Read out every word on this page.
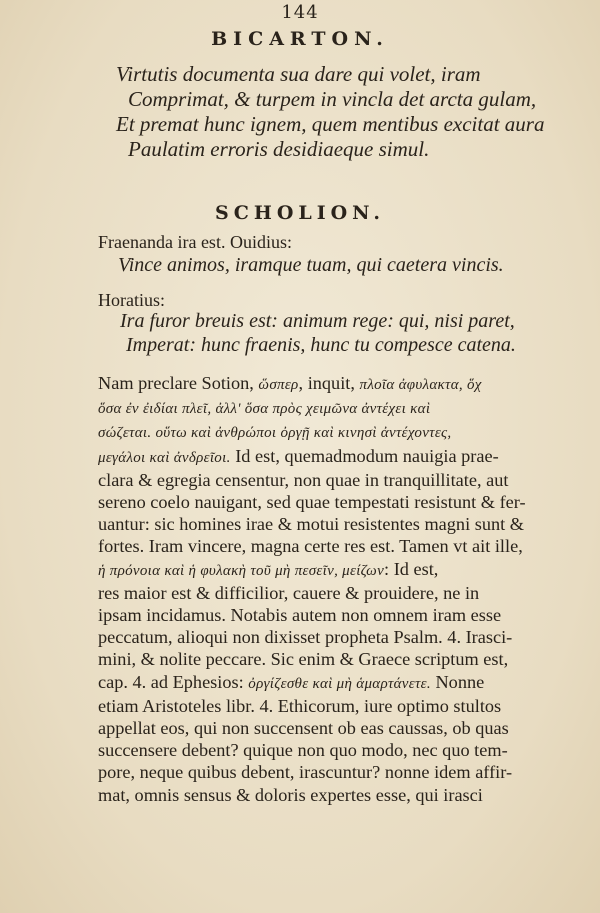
144
BICARTON.
Virtutis documenta sua dare qui volet, iram
Comprimat, & turpem in vincla det arcta gulam,
Et premat hunc ignem, quem mentibus excitat aura
Paulatim erroris desidiaeque simul.
SCHOLION.
Fraenanda ira est. Ouidius:
Vince animos, iramque tuam, qui caetera vincis.
Horatius:
Ira furor breuis est: animum rege: qui, nisi paret,
Imperat: hunc fraenis, hunc tu compesce catena.
Nam preclare Sotion, ὥσπερ, inquit, πλοῖα ἀφυλακτα, ὅχ
ὅσα ἐν ἐιδίαι πλεῖ, ἀλλ' ὅσα πρὸς χειμῶνα ἀντέχει καὶ
σώζεται. οὕτω καὶ ἀνθρώποι ὀργῇ καὶ κινησὶ ἀντέχοντες,
μεγάλοι καὶ ἀνδρεῖοι. Id est, quemadmodum nauigia prae-
clara & egregia censentur, non quae in tranquillitate, aut
sereno coelo nauigant, sed quae tempestati resistunt & fer-
uantur: sic homines irae & motui resistentes magni sunt &
fortes. Iram vincere, magna certe res est. Tamen vt ait ille,
ἡ πρόνοια καὶ ἡ φυλακὴ τοῦ μὴ πεσεῖν, μείζων: Id est,
res maior est & difficilior, cauere & prouidere, ne in
ipsam incidamus. Notabis autem non omnem iram esse
peccatum, alioqui non dixisset propheta Psalm. 4. Irasci-
mini, & nolite peccare. Sic enim & Graece scriptum est,
cap. 4. ad Ephesios: ὀργίζεσθε καὶ μὴ ἁμαρτάνετε. Nonne
etiam Aristoteles libr. 4. Ethicorum, iure optimo stultos
appellat eos, qui non succensent ob eas caussas, ob quas
succensere debent? quique non quo modo, nec quo tem-
pore, neque quibus debent, irascuntur? nonne idem affir-
mat, omnis sensus & doloris expertes esse, qui irasci
